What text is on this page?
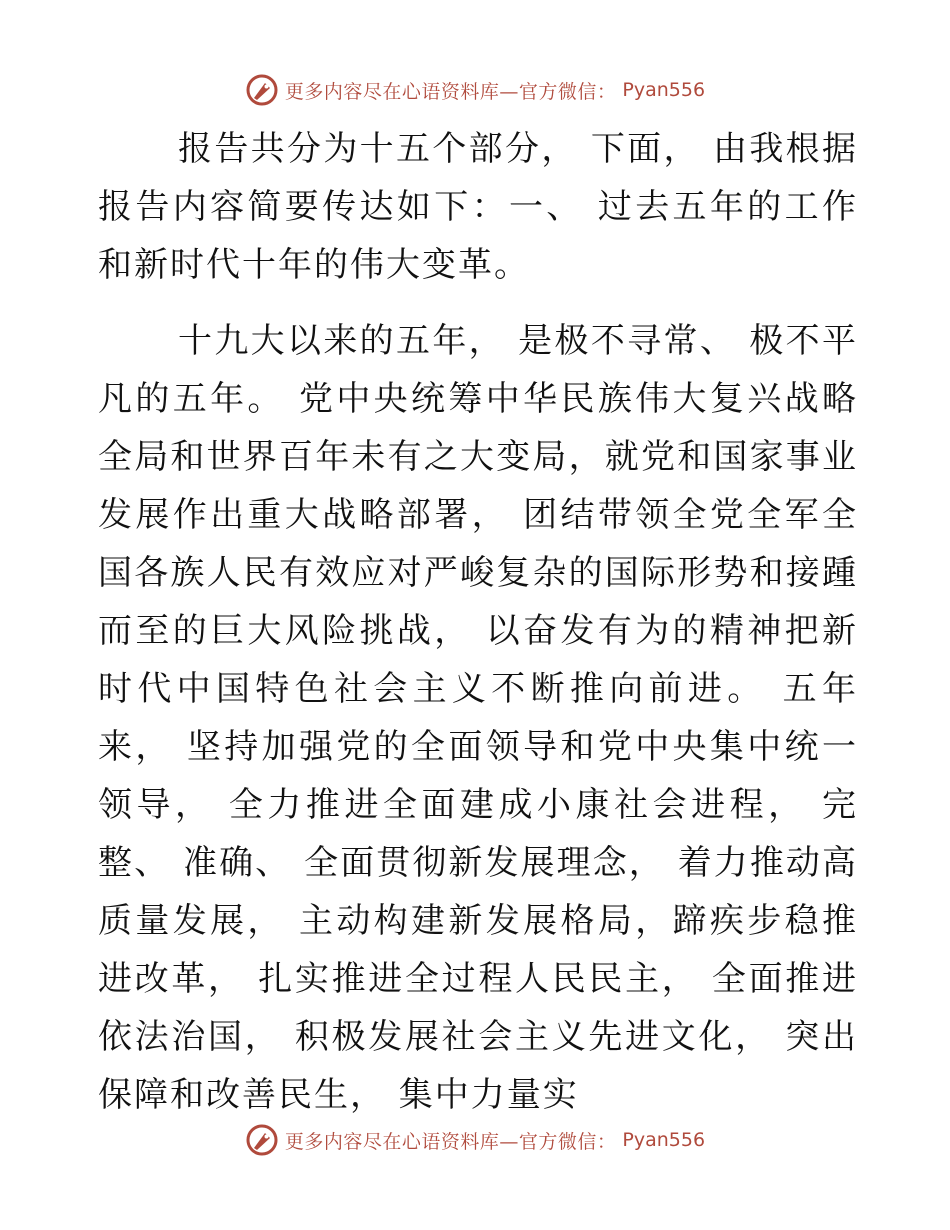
更多内容尽在心语资料库—官方微信： Pyan556

报告共分为十五个部分， 下面， 由我根据报告内容简要传达如下：一、 过去五年的工作和新时代十年的伟大变革。

十九大以来的五年， 是极不寻常、 极不平凡的五年。 党中央统筹中华民族伟大复兴战略全局和世界百年未有之大变局，就党和国家事业发展作出重大战略部署， 团结带领全党全军全国各族人民有效应对严峻复杂的国际形势和接踵而至的巨大风险挑战， 以奋发有为的精神把新时代中国特色社会主义不断推向前进。 五年来， 坚持加强党的全面领导和党中央集中统一领导， 全力推进全面建成小康社会进程， 完整、 准确、 全面贯彻新发展理念， 着力推动高质量发展， 主动构建新发展格局，蹄疾步稳推进改革， 扎实推进全过程人民民主， 全面推进依法治国， 积极发展社会主义先进文化， 突出保障和改善民生， 集中力量实

更多内容尽在心语资料库—官方微信： Pyan556
